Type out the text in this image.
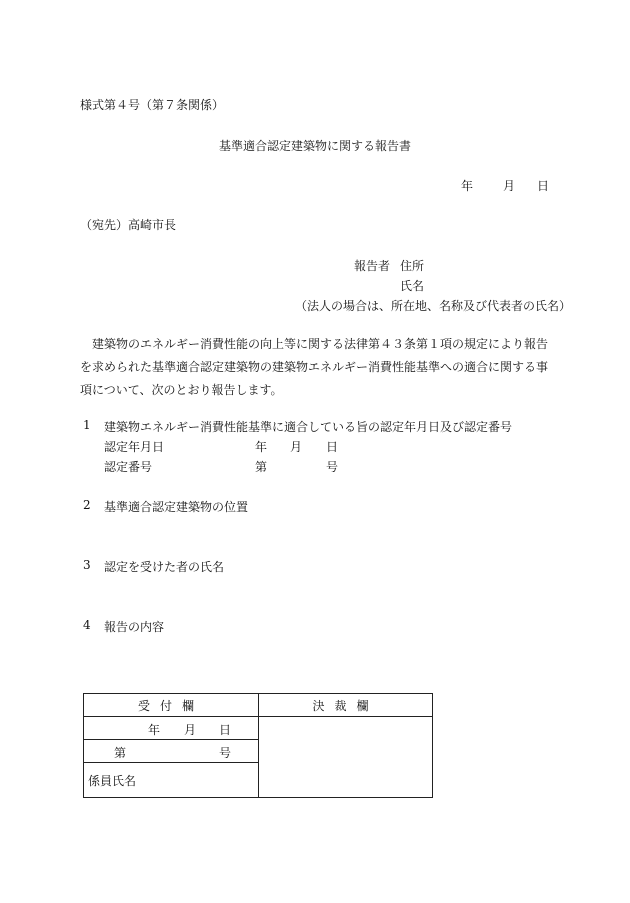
様式第４号（第７条関係）
基準適合認定建築物に関する報告書
年	月 日
（宛先）高崎市長
報告者 住所
氏名
（法人の場合は、所在地、名称及び代表者の氏名）
建築物のエネルギー消費性能の向上等に関する法律第４３条第１項の規定により報告を求められた基準適合認定建築物の建築物エネルギー消費性能基準への適合に関する事項について、次のとおり報告します。
1 建築物エネルギー消費性能基準に適合している旨の認定年月日及び認定番号
認定年月日	年 月 日
認定番号	第	号
2 基準適合認定建築物の位置
3 認定を受けた者の氏名
4 報告の内容
受付欄	決裁欄

年 月 日	

第 号	

係員氏名	
